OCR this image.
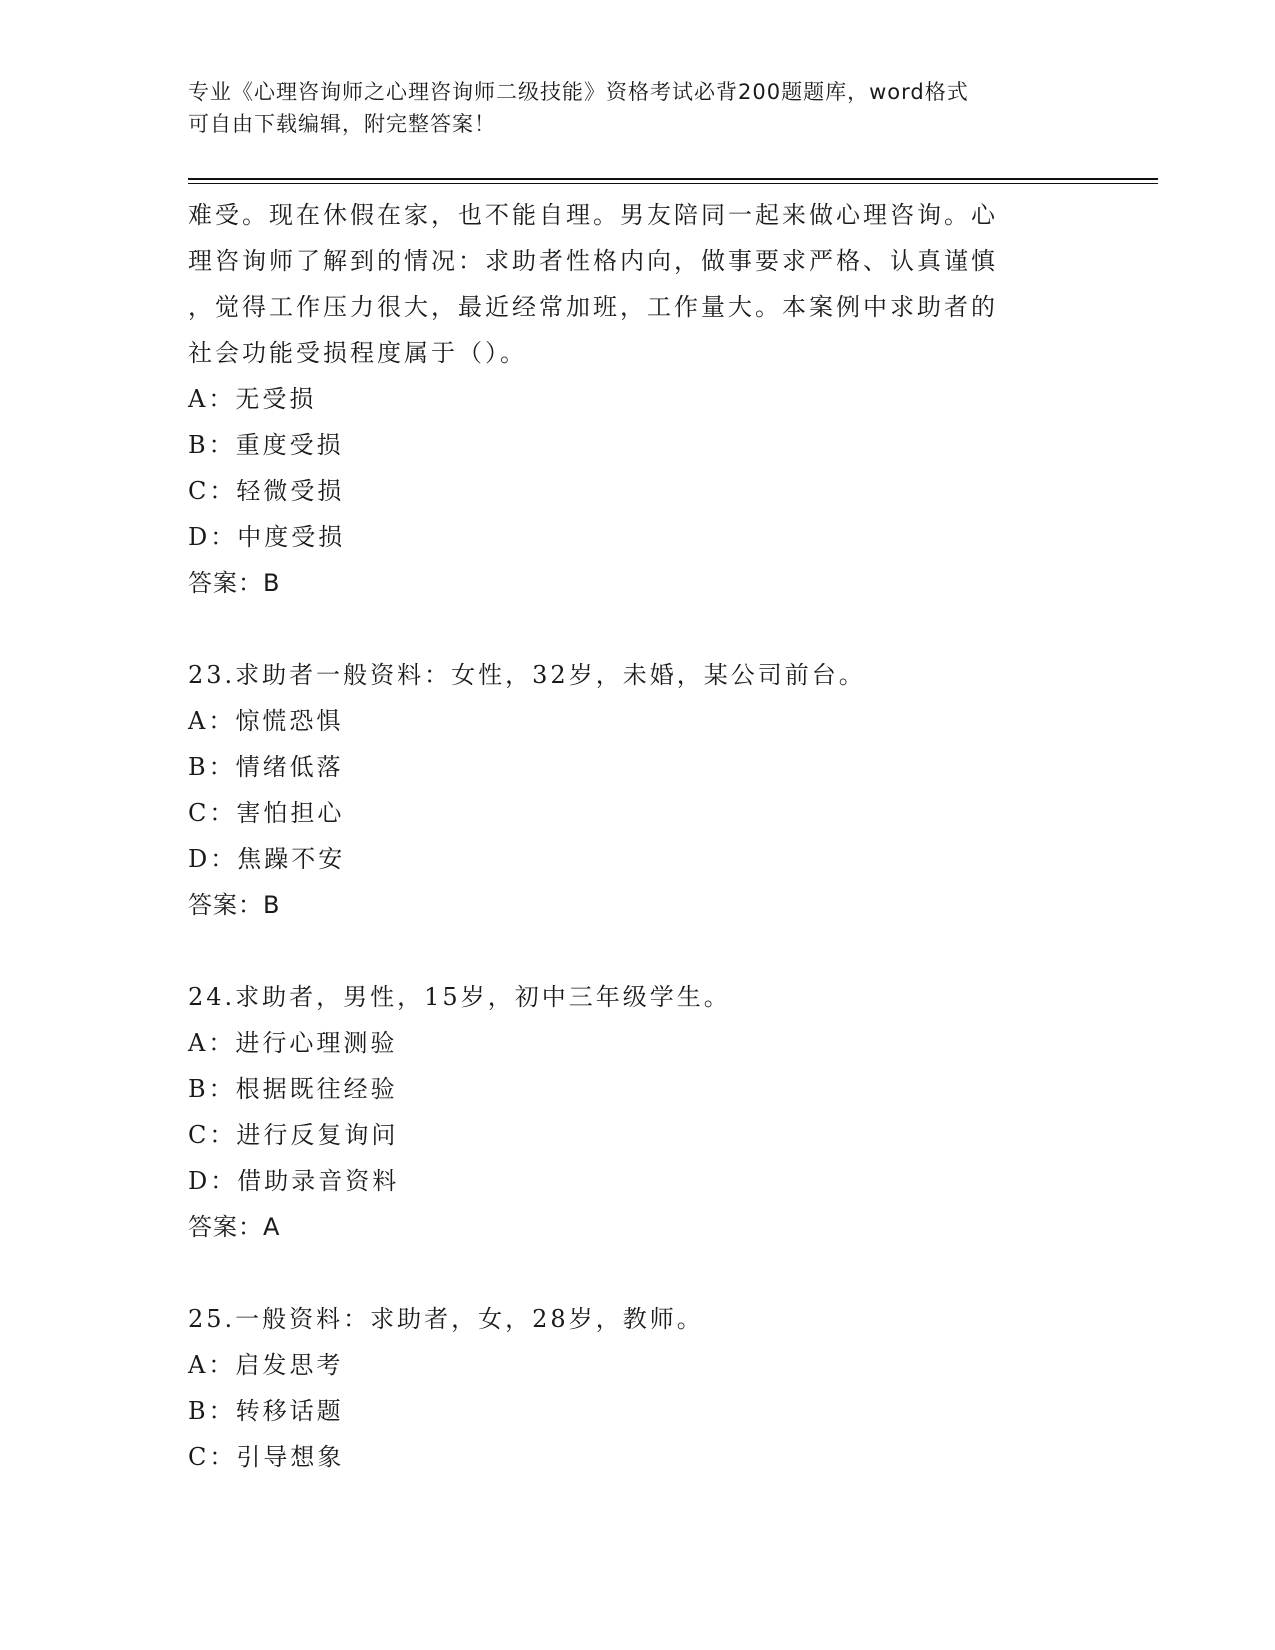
专业《心理咨询师之心理咨询师二级技能》资格考试必背200题题库，word格式
可自由下载编辑，附完整答案！
难受。现在休假在家，也不能自理。男友陪同一起来做心理咨询。心
理咨询师了解到的情况：求助者性格内向，做事要求严格、认真谨慎
，觉得工作压力很大，最近经常加班，工作量大。本案例中求助者的
社会功能受损程度属于（）。
A：无受损
B：重度受损
C：轻微受损
D：中度受损
答案：B
23.求助者一般资料：女性，32岁，未婚，某公司前台。
A：惊慌恐惧
B：情绪低落
C：害怕担心
D：焦躁不安
答案：B
24.求助者，男性，15岁，初中三年级学生。
A：进行心理测验
B：根据既往经验
C：进行反复询问
D：借助录音资料
答案：A
25.一般资料：求助者，女，28岁，教师。
A：启发思考
B：转移话题
C：引导想象
